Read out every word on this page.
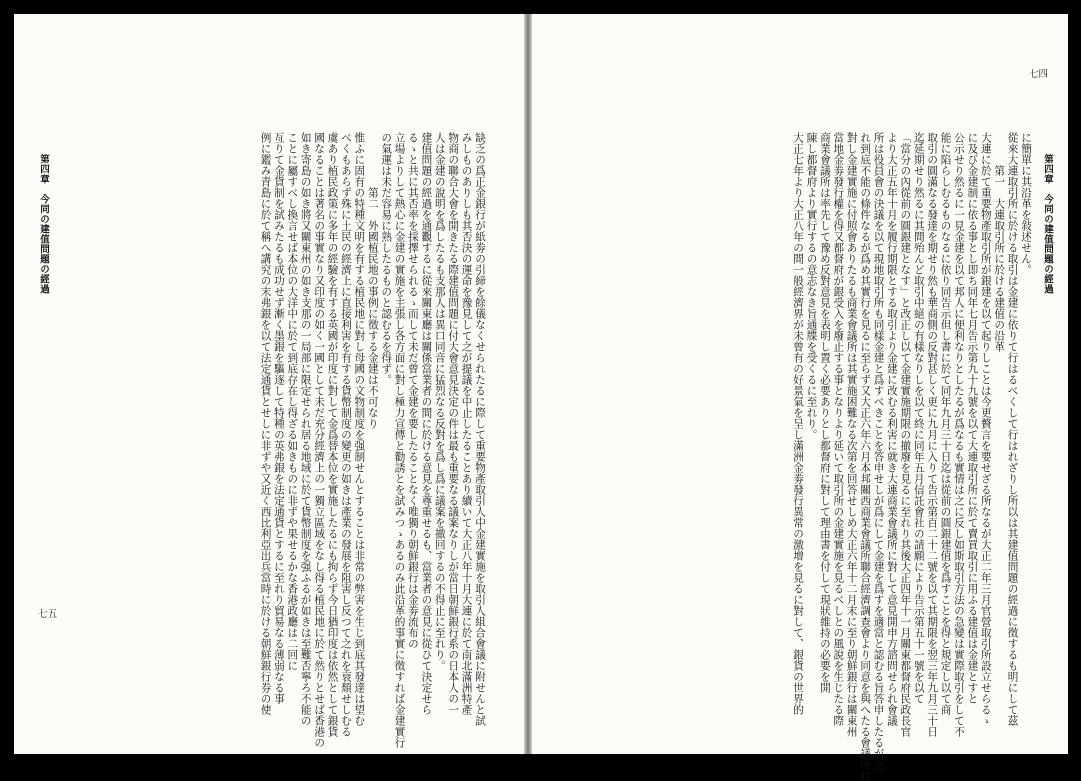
第四章　今同の建值問題の經過
七五	缺乏の爲正金銀行が紙劵の引締を餘儀なくせられたるに際して重要物產取引人中金建實施を取引人組合會議に附せんと試
みしものありしも其否決の運命を豫見して之が提議を中止したることあり續いて大正八年十月大連に於て南北滿洲特產
物商の聯合大會を開きたる際建值問題に付大會意見決定の件は最も重要なる議案なりしが當日朝鮮銀行系の日本人の一
人は金建の說明を爲したるも支那人は異口同音に猛烈なる反對を爲し爲に議案を撤回するの不得止に至れり。
建值問題の經過を通觀するに從來關東廳は關係當業者の間に於ける意見を尊重せるも、當業者の意見に從ひて決定せら
るゝと共に其否率を採擇せられるゝ而して未だ曾て金建を要したることなく唯獨り朝鮮銀行は金劵流布の
立場よりして熱心に金建の實施を主張し各方面に對し極力宣傳と勸誘とを試みつゝあるのみ此沿革的事實に徵すれば金建實行
の氣運は未だ容易に熟したるものと認むるを得ず。
　　　　　第二　外國植民地の事例に徵する金建は不可なり
惟ふに固有の特種文明を有する植民地に對し母國の文物制度を强制せんとすることは非常の弊害を生じ到底其發達は望む
べくもあらず殊に土民の經濟上に直接利害を有する貨幣制度の變更の如きは產業の發展を阻害し反つて之れを衰頹せしむる
虞あり植民政策に多年の經驗を有する英國が印度に對して金爲替本位を實施したるにも拘らず今日猶印度は依然として銀貨
國なることは著名の事實なり又印度の如く一國として未だ充分經濟上の一獨立區域をなし得る植民地に於て然りとせば香港の
如き寄島の如き將又關東州の如き支那の一局部に限定せられ居る地域に於て貨幣制度を强ふるが如きは至難否寧ろ不能の
ことに屬すべし換言せば本位の大洋中に於て到底存在し得ざる如きものに非ずや果せるかな香港政廳は二回に
亙りて金貨制を試みたるも成功せず漸く墨銀を驅逐して特種の英弗銀を法定通貨とするに至れり貿易なる薄弱なる事
例に鑑み青島に於て稱へ講究の末弗銀を以て法定通貨とせしに非ずや又近く西比利亞出兵當時に於ける朝鮮銀行券の使	第四章　今同の建值問題の經過
七四
に簡單に其沿革を敍述せん。
從來大連取引所に於ける取引は金建に依りて行はるべくして行はれざりし所以は其建值問題の經過に徵するも明にして茲
　　　第一　大連取引所に於ける建值の沿革
大連に於て重要物產取引所が銀建を以て起りしことは今更贅言を要せざる所なるが大正二年三月官營取引所設立せらるゝ
に及び金建制に依る事とし即ち同年七月告示第九十九號を以て大連取引所に於て賣買取引に用ふる建值は金建とすと
公示せり然るに一見金建を以て邦人に便利なりとしたるが爲なるも實情は之に反し如斯取引方法の急變は實際取引をして不
能に陷らしむるものなるに依り同告示但し書に於て同年九月三十日迄は從前の圓銀建值を爲すことを得と規定し以て商
取引の圓滿なる發達を期せり然も華商側の反對甚しく更に九月に入りて告示第百二十二號を以て其期限を翌三年九月三十日
迄延期せり然るに其間殆んど取引中絕の有樣なりしを以て終に同年五月信託會社の請願により告示第五十一號を以て
「當分の內從前の圓銀建となす」と改正し以て金建實施期限の撤廢を見るに至れり其後大正四年十一月關東都督府民政長官
より大正五年十月を履行期限とする取引より金建に改むる利害に就き大連商業會議所に對して意見開申方諮問せられ會議
所は役員會の決議を以て現地取引所も同樣金建と爲すべきことを答申せしが爲にして金建を爲すを適當と認むる旨答申したるが之
れ到底不能の條件なるが爲め其實行を見るに至らず又大正六年六月本邦關西商業會議所聯合經濟調查會より同意を與へたる會議所に
對し金建實施に付照會ありたるも商業會議所は其實施困難なる次第を回答せしめ大正六年十二月末に至り朝鮮銀行は關東州
當地金劵發行權を得又都督府が銀受入を廢止する事となりより延いて取引所の金建實施を見るべしとの風說を生じたる際
商業會議所は率先して豫め反對意見を表明し置く必要ありとし都督府に對して理由書を付して現狀維持の必要を開
陳し都督府より實行するの意志なき旨通牒を受くるに至れり。
大正七年より大正八年の間一般經濟界が未曾有の好景氣を呈し滿洲金劵發行異常の激增を見るに對して、銀貨の世界的
